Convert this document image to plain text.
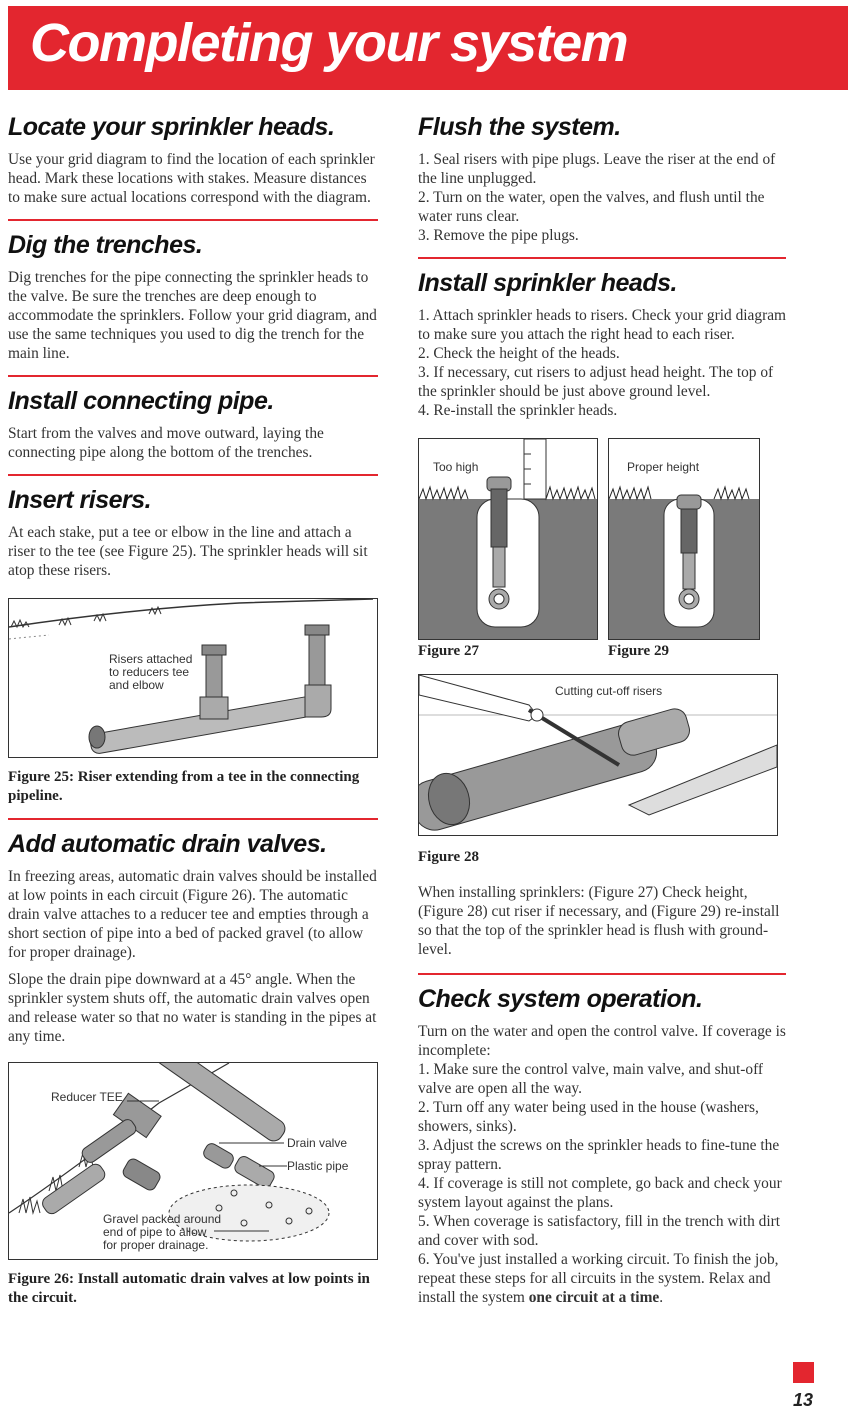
Completing your system
Locate your sprinkler heads.

Use your grid diagram to find the location of each sprinkler head. Mark these locations with stakes. Measure distances to make sure actual locations correspond with the diagram.

Dig the trenches.

Dig trenches for the pipe connecting the sprinkler heads to the valve. Be sure the trenches are deep enough to accommodate the sprinklers. Follow your grid diagram, and use the same techniques you used to dig the trench for the main line.

Install connecting pipe.

Start from the valves and move outward, laying the connecting pipe along the bottom of the trenches.

Insert risers.

At each stake, put a tee or elbow in the line and attach a riser to the tee (see Figure 25). The sprinkler heads will sit atop these risers.

Risers attached to reducers tee and elbow
Figure 25: Riser extending from a tee in the connecting pipeline.
Add automatic drain valves.

In freezing areas, automatic drain valves should be installed at low points in each circuit (Figure 26). The automatic drain valve attaches to a reducer tee and empties through a short section of pipe into a bed of packed gravel (to allow for proper drainage).

Slope the drain pipe downward at a 45° angle. When the sprinkler system shuts off, the automatic drain valves open and release water so that no water is standing in the pipes at any time.

Reducer TEE
Drain valve
Plastic pipe
Gravel packed around end of pipe to allow for proper drainage.
Figure 26: Install automatic drain valves at low points in the circuit.
Flush the system.

1. Seal risers with pipe plugs. Leave the riser at the end of the line unplugged.
2. Turn on the water, open the valves, and flush until the water runs clear.
3. Remove the pipe plugs.

Install sprinkler heads.

1. Attach sprinkler heads to risers. Check your grid diagram to make sure you attach the right head to each riser.
2. Check the height of the heads.
3. If necessary, cut risers to adjust head height. The top of the sprinkler should be just above ground level.
4. Re-install the sprinkler heads.

Too high	Proper height
Figure 27	Figure 29
Cutting cut-off risers
Figure 28

When installing sprinklers: (Figure 27) Check height, (Figure 28) cut riser if necessary, and (Figure 29) re-install so that the top of the sprinkler head is flush with ground-level.

Check system operation.

Turn on the water and open the control valve. If coverage is incomplete:
1. Make sure the control valve, main valve, and shut-off valve are open all the way.
2. Turn off any water being used in the house (washers, showers, sinks).
3. Adjust the screws on the sprinkler heads to fine-tune the spray pattern.
4. If coverage is still not complete, go back and check your system layout against the plans.
5. When coverage is satisfactory, fill in the trench with dirt and cover with sod.
6. You've just installed a working circuit. To finish the job, repeat these steps for all circuits in the system. Relax and install the system one circuit at a time.

13
